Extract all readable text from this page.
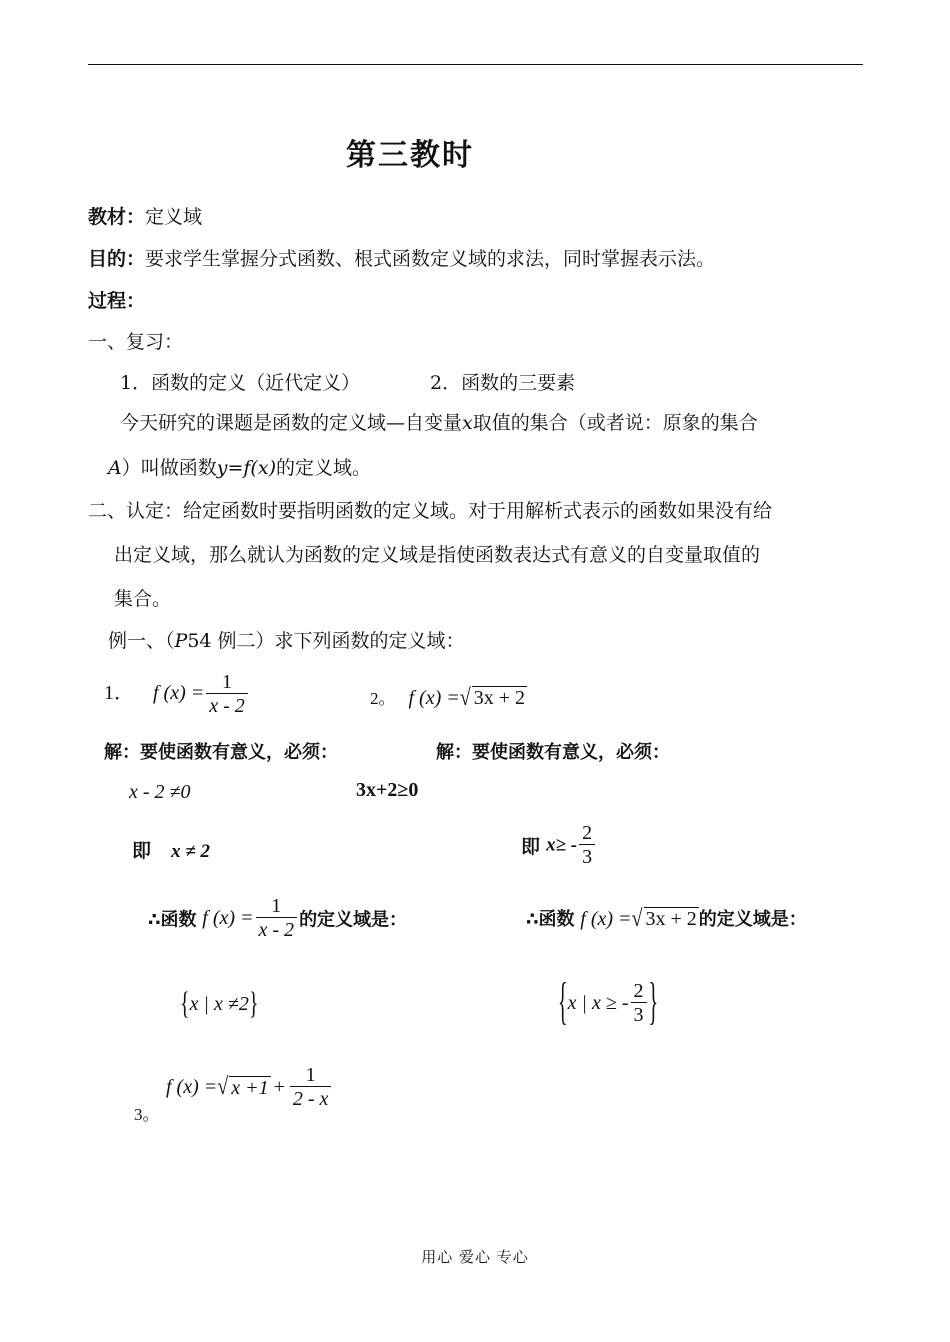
第三教时
教材：定义域
目的：要求学生掌握分式函数、根式函数定义域的求法，同时掌握表示法。
过程：
一、复习：
1．函数的定义（近代定义）	2．函数的三要素
今天研究的课题是函数的定义域—自变量x取值的集合（或者说：原象的集合
A）叫做函数y=f(x)的定义域。
二、认定：给定函数时要指明函数的定义域。对于用解析式表示的函数如果没有给
出定义域，那么就认为函数的定义域是指使函数表达式有意义的自变量取值的
集合。
例一、（P54 例二）求下列函数的定义域：
1． f $(x) = \frac{1}{x - 2}$	2。 f (x) =√ 3x + 2
解：要使函数有意义，必须：	解：要使函数有意义，必须：
x - 2 ≠0	3x+2≥0
即 x ≠ 2	即 $x\ge - \frac{2}{3}$
∴函数 f $(x) = \frac{1}{x - 2}$ 的定义域是：	∴函数 f (x) =√ 3x + 2 的定义域是：
{x | x ≠2}	{x | x ≥ - $\frac{2}{3}$ }
3。
f (x) =√ $x +1 + \frac{1}{2 - x}$
用心 爱心 专心
